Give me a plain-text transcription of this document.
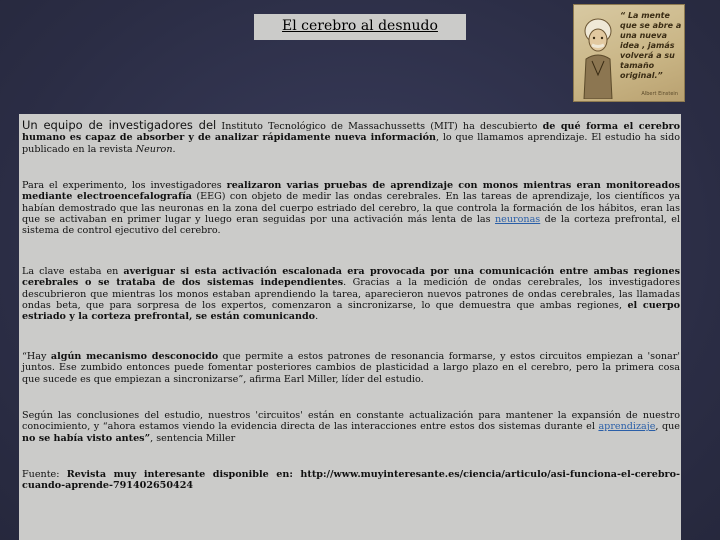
El cerebro al desnudo
“ La mente
que se abre a
una nueva
idea , jamás
volverá a su
tamaño
original.”
Albert Einstein
Un equipo de investigadores del Instituto Tecnológico de Massachussetts (MIT) ha descubierto de qué forma el cerebro humano es capaz de absorber y de analizar rápidamente nueva información, lo que llamamos aprendizaje. El estudio ha sido publicado en la revista Neuron.
Para el experimento, los investigadores realizaron varias pruebas de aprendizaje con monos mientras eran monitoreados mediante electroencefalografía (EEG) con objeto de medir las ondas cerebrales. En las tareas de aprendizaje, los científicos ya habían demostrado que las neuronas en la zona del cuerpo estriado del cerebro, la que controla la formación de los hábitos, eran las que se activaban en primer lugar y luego eran seguidas por una activación más lenta de las neuronas de la corteza prefrontal, el sistema de control ejecutivo del cerebro.
La clave estaba en averiguar si esta activación escalonada era provocada por una comunicación entre ambas regiones cerebrales o se trataba de dos sistemas independientes. Gracias a la medición de ondas cerebrales, los investigadores descubrieron que mientras los monos estaban aprendiendo la tarea, aparecieron nuevos patrones de ondas cerebrales, las llamadas ondas beta, que para sorpresa de los expertos, comenzaron a sincronizarse, lo que demuestra que ambas regiones, el cuerpo estriado y la corteza prefrontal, se están comunicando.
“Hay algún mecanismo desconocido que permite a estos patrones de resonancia formarse, y estos circuitos empiezan a 'sonar' juntos. Ese zumbido entonces puede fomentar posteriores cambios de plasticidad a largo plazo en el cerebro, pero la primera cosa que sucede es que empiezan a sincronizarse”, afirma Earl Miller, líder del estudio.
Según las conclusiones del estudio, nuestros 'circuitos' están en constante actualización para mantener la expansión de nuestro conocimiento, y “ahora estamos viendo la evidencia directa de las interacciones entre estos dos sistemas durante el aprendizaje, que no se había visto antes”, sentencia Miller
Fuente: Revista muy interesante disponible en: http://www.muyinteresante.es/ciencia/articulo/asi-funciona-el-cerebro-cuando-aprende-791402650424
